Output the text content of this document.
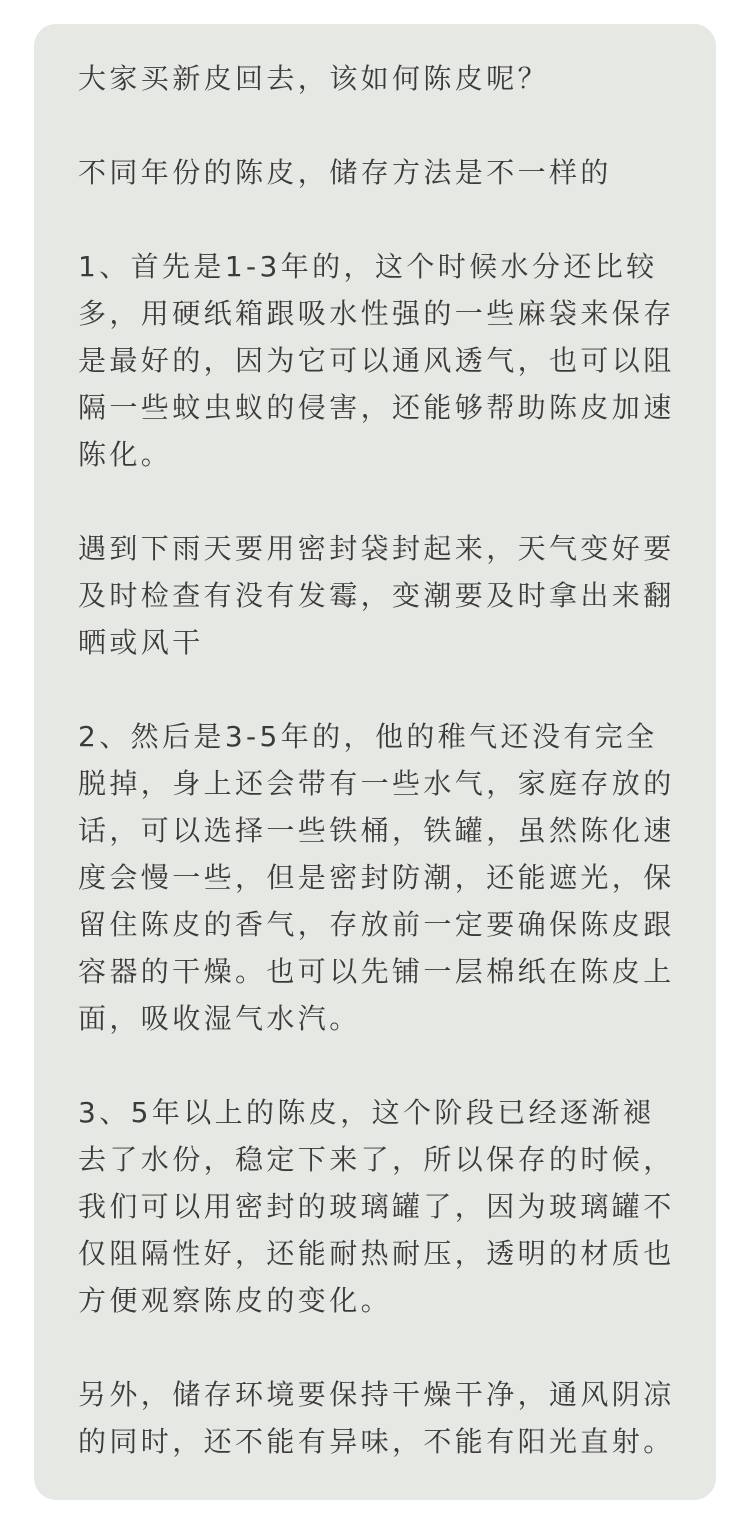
大家买新皮回去，该如何陈皮呢？

不同年份的陈皮，储存方法是不一样的

1、首先是1-3年的，这个时候水分还比较
多，用硬纸箱跟吸水性强的一些麻袋来保存
是最好的，因为它可以通风透气，也可以阻
隔一些蚊虫蚁的侵害，还能够帮助陈皮加速
陈化。

遇到下雨天要用密封袋封起来，天气变好要
及时检查有没有发霉，变潮要及时拿出来翻
晒或风干

2、然后是3-5年的，他的稚气还没有完全
脱掉，身上还会带有一些水气，家庭存放的
话，可以选择一些铁桶，铁罐，虽然陈化速
度会慢一些，但是密封防潮，还能遮光，保
留住陈皮的香气，存放前一定要确保陈皮跟
容器的干燥。也可以先铺一层棉纸在陈皮上
面，吸收湿气水汽。

3、5年以上的陈皮，这个阶段已经逐渐褪
去了水份，稳定下来了，所以保存的时候，
我们可以用密封的玻璃罐了，因为玻璃罐不
仅阻隔性好，还能耐热耐压，透明的材质也
方便观察陈皮的变化。

另外，储存环境要保持干燥干净，通风阴凉
的同时，还不能有异味，不能有阳光直射。
